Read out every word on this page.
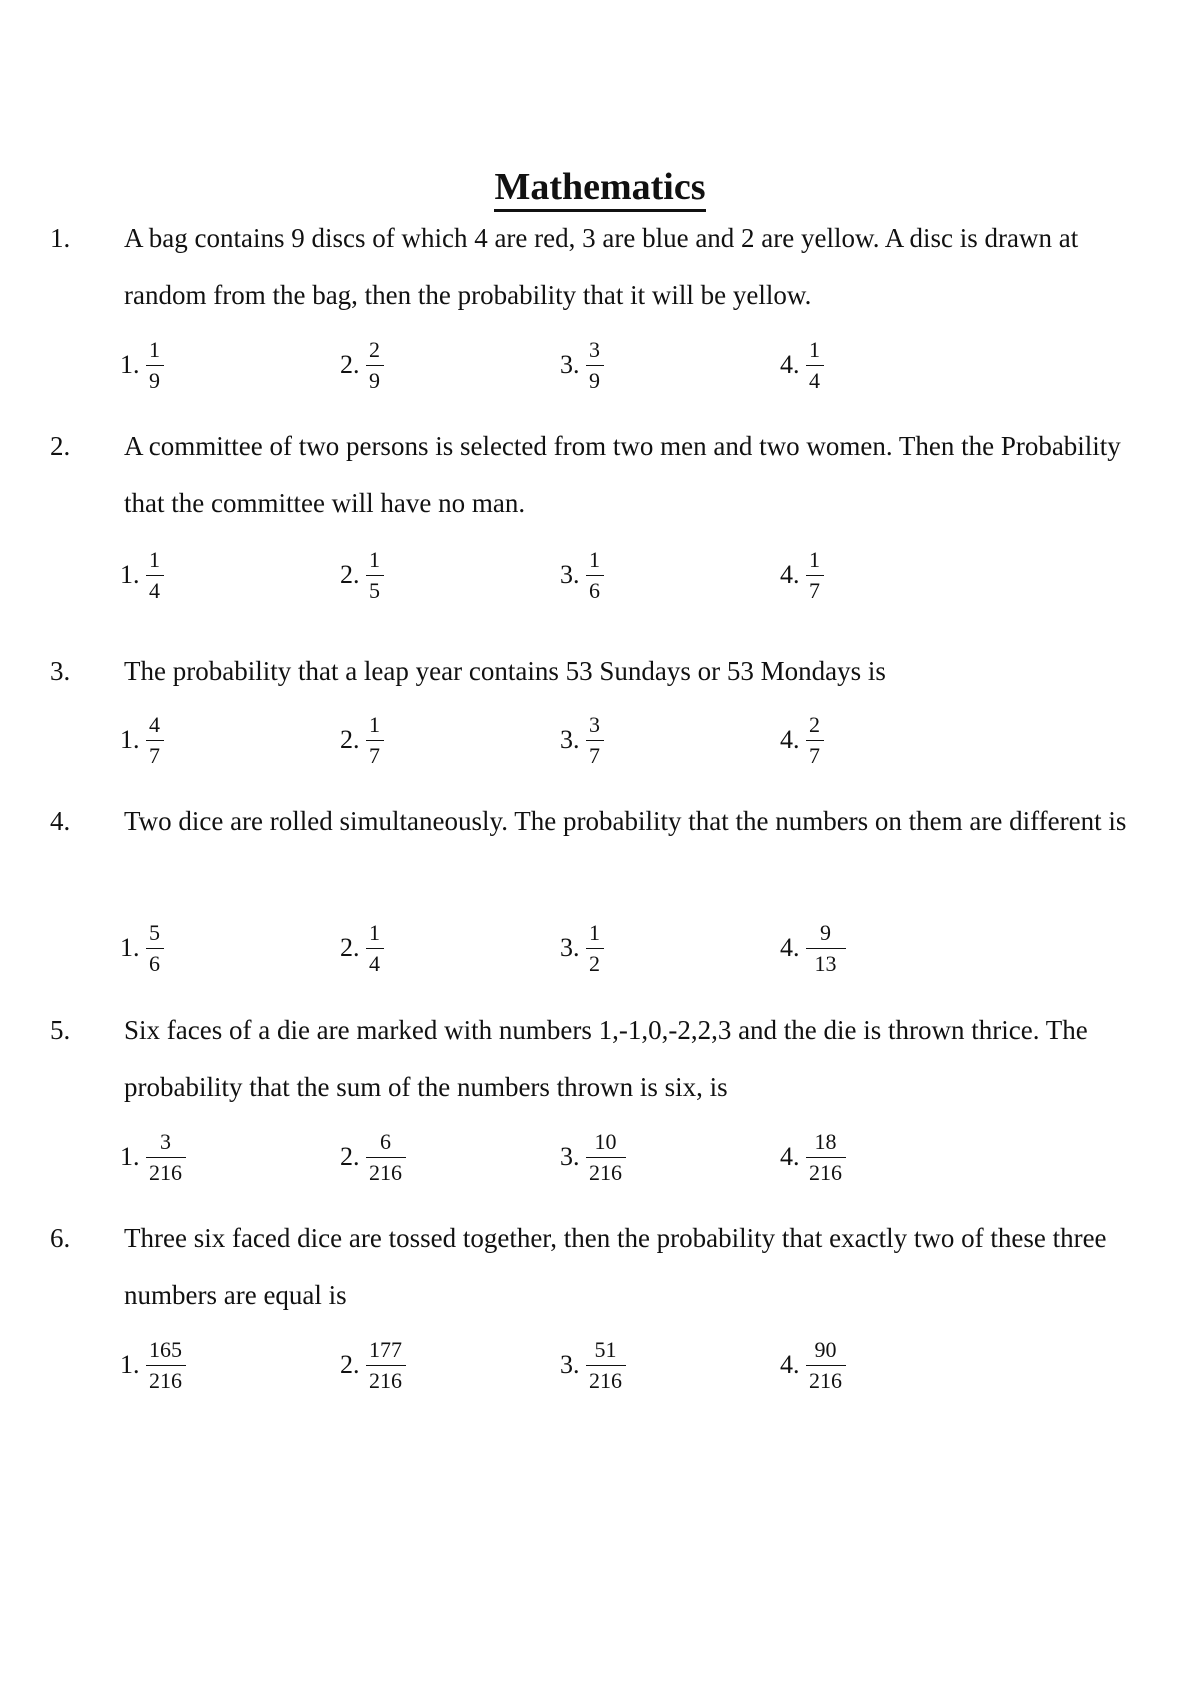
Mathematics
1. A bag contains 9 discs of which 4 are red, 3 are blue and 2 are yellow. A disc is drawn at random from the bag, then the probability that it will be yellow.
1. $\frac{1}{9}$	2. $\frac{2}{9}$	3. $\frac{3}{9}$	4. $\frac{1}{4}$
2. A committee of two persons is selected from two men and two women. Then the Probability that the committee will have no man.
1. $\frac{1}{4}$	2. $\frac{1}{5}$	3. $\frac{1}{6}$	4. $\frac{1}{7}$
3. The probability that a leap year contains 53 Sundays or 53 Mondays is
1. $\frac{4}{7}$	2. $\frac{1}{7}$	3. $\frac{3}{7}$	4. $\frac{2}{7}$
4. Two dice are rolled simultaneously. The probability that the numbers on them are different is
1. $\frac{5}{6}$	2. $\frac{1}{4}$	3. $\frac{1}{2}$	4. $\frac{9}{13}$
5. Six faces of a die are marked with numbers 1,-1,0,-2,2,3 and the die is thrown thrice. The probability that the sum of the numbers thrown is six, is
1. $\frac{3}{216}$	2. $\frac{6}{216}$	3. $\frac{10}{216}$	4. $\frac{18}{216}$
6. Three six faced dice are tossed together, then the probability that exactly two of these three numbers are equal is
1. $\frac{165}{216}$	2. $\frac{177}{216}$	3. $\frac{51}{216}$	4. $\frac{90}{216}$
